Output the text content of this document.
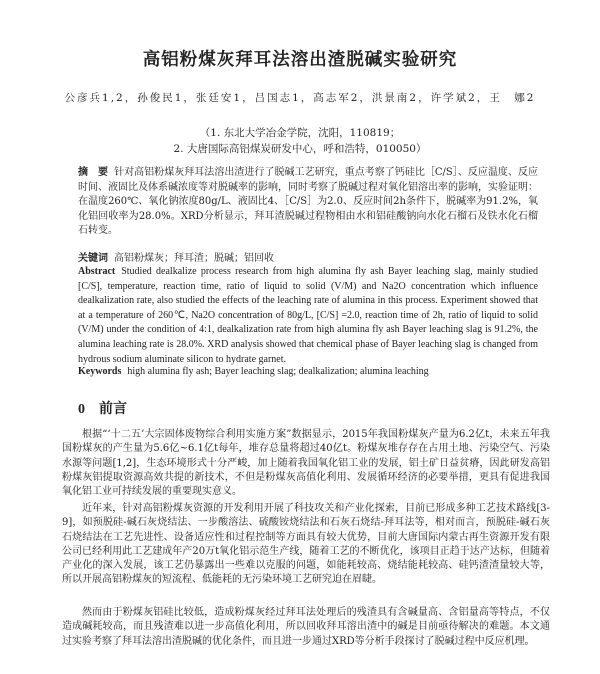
高铝粉煤灰拜耳法溶出渣脱碱实验研究
公彦兵1,2，孙俊民1，张廷安1，吕国志1，高志军2，洪景南2，许学斌2，王　娜2
（1. 东北大学冶金学院，沈阳，110819；
2. 大唐国际高铝煤炭研发中心，呼和浩特，010050）
摘　要 针对高铝粉煤灰拜耳法溶出渣进行了脱碱工艺研究，重点考察了钙硅比［C/S］、反应温度、反应时间、液固比及体系碱浓度等对脱碱率的影响，同时考察了脱碱过程对氧化铝溶出率的影响，实验证明：在温度260℃、氧化钠浓度80g/L、液固比4、［C/S］为2.0、反应时间2h条件下，脱碱率为91.2%，氧化铝回收率为28.0%。XRD分析显示，拜耳渣脱碱过程物相由水和铝硅酸钠向水化石榴石及铁水化石榴石转变。
关键词 高铝粉煤灰；拜耳渣；脱碱；铝回收
Abstract Studied dealkalize process research from high alumina fly ash Bayer leaching slag, mainly studied [C/S], temperature, reaction time, ratio of liquid to solid (V/M) and Na2O concentration which influence dealkalization rate, also studied the effects of the leaching rate of alumina in this process. Experiment showed that at a temperature of 260℃, Na2O concentration of 80g/L, [C/S] =2.0, reaction time of 2h, ratio of liquid to solid (V/M) under the condition of 4:1, dealkalization rate from high alumina fly ash Bayer leaching slag is 91.2%, the alumina leaching rate is 28.0%. XRD analysis showed that chemical phase of Bayer leaching slag is changed from hydrous sodium aluminate silicon to hydrate garnet.
Keywords high alumina fly ash; Bayer leaching slag; dealkalization; alumina leaching
0 前言

根据“‘十二五’大宗固体废物综合利用实施方案”数据显示，2015年我国粉煤灰产量为6.2亿t，未来五年我国粉煤灰的产生量为5.6亿~6.1亿t每年，堆存总量将超过40亿t。粉煤灰堆存存在占用土地、污染空气、污染水源等问题[1,2]，生态环境形式十分严峻，加上随着我国氧化铝工业的发展，铝土矿日益贫瘠，因此研发高铝粉煤灰铝提取资源高效共提的新技术，不但是粉煤灰高值化利用、发展循环经济的必要举措，更具有促进我国氧化铝工业可持续发展的重要现实意义。

近年来，针对高铝粉煤灰资源的开发利用开展了科技攻关和产业化探索，目前已形成多种工艺技术路线[3-9]，如预脱硅-碱石灰烧结法、一步酸溶法、硫酸铵烧结法和石灰石烧结-拜耳法等，相对而言，预脱硅-碱石灰石烧结法在工艺先进性、设备适应性和过程控制等方面具有较大优势，目前大唐国际内蒙古再生资源开发有限公司已经利用此工艺建成年产20万t氧化铝示范生产线，随着工艺的不断优化，该项目正趋于达产达标，但随着产业化的深入发展，该工艺仍暴露出一些难以克服的问题，如能耗较高、烧结能耗较高、硅钙渣渣量较大等，所以开展高铝粉煤灰的短流程、低能耗的无污染环境工艺研究迫在眉睫。

然而由于粉煤灰铝硅比较低，造成粉煤灰经过拜耳法处理后的残渣具有含碱量高、含铝量高等特点，不仅造成碱耗较高，而且残渣难以进一步高值化利用，所以回收拜耳溶出渣中的碱是目前亟待解决的难题。本文通过实验考察了拜耳法溶出渣脱碱的优化条件，而且进一步通过XRD等分析手段探讨了脱碱过程中反应机理。
